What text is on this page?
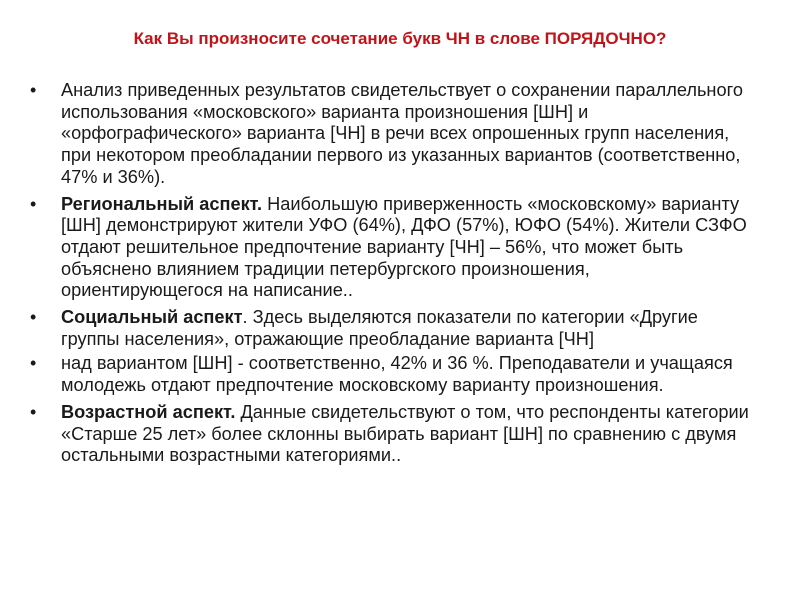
Как Вы произносите сочетание букв ЧН в слове ПОРЯДОЧНО?
• Анализ приведенных результатов свидетельствует о сохранении параллельного использования «московского» варианта произношения [ШН] и «орфографического» варианта [ЧН] в речи всех опрошенных групп населения, при некотором преобладании первого из указанных вариантов (соответственно, 47% и 36%).
• Региональный аспект. Наибольшую приверженность «московскому» варианту [ШН] демонстрируют жители УФО (64%), ДФО (57%), ЮФО (54%). Жители СЗФО отдают решительное предпочтение варианту [ЧН] – 56%, что может быть объяснено влиянием традиции петербургского произношения, ориентирующегося на написание..
• Социальный аспект. Здесь выделяются показатели по категории «Другие группы населения», отражающие преобладание варианта [ЧН]
• над вариантом [ШН] - соответственно, 42% и 36 %. Преподаватели и учащаяся молодежь отдают предпочтение московскому варианту произношения.
• Возрастной аспект. Данные свидетельствуют о том, что респонденты категории «Старше 25 лет» более склонны выбирать вариант [ШН] по сравнению с двумя остальными возрастными категориями..
